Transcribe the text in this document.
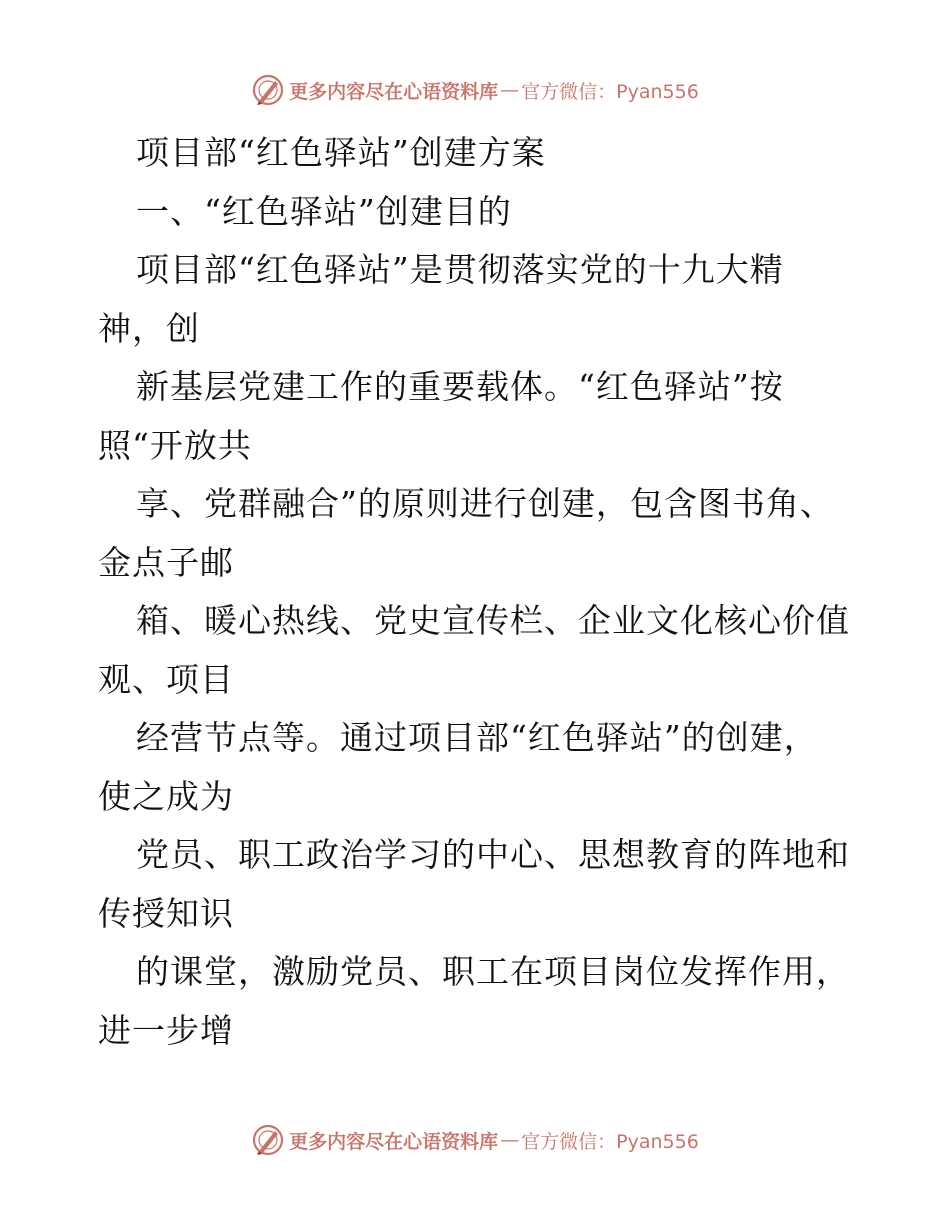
更多内容尽在心语资料库 — 官方微信：Pyan556
项目部“红色驿站”创建方案
一、“红色驿站”创建目的
项目部“红色驿站”是贯彻落实党的十九大精
神，创
新基层党建工作的重要载体。“红色驿站”按
照“开放共
享、党群融合”的原则进行创建，包含图书角、
金点子邮
箱、暖心热线、党史宣传栏、企业文化核心价值
观、项目
经营节点等。通过项目部“红色驿站”的创建，
使之成为
党员、职工政治学习的中心、思想教育的阵地和
传授知识
的课堂，激励党员、职工在项目岗位发挥作用，
进一步增
更多内容尽在心语资料库 — 官方微信：Pyan556
